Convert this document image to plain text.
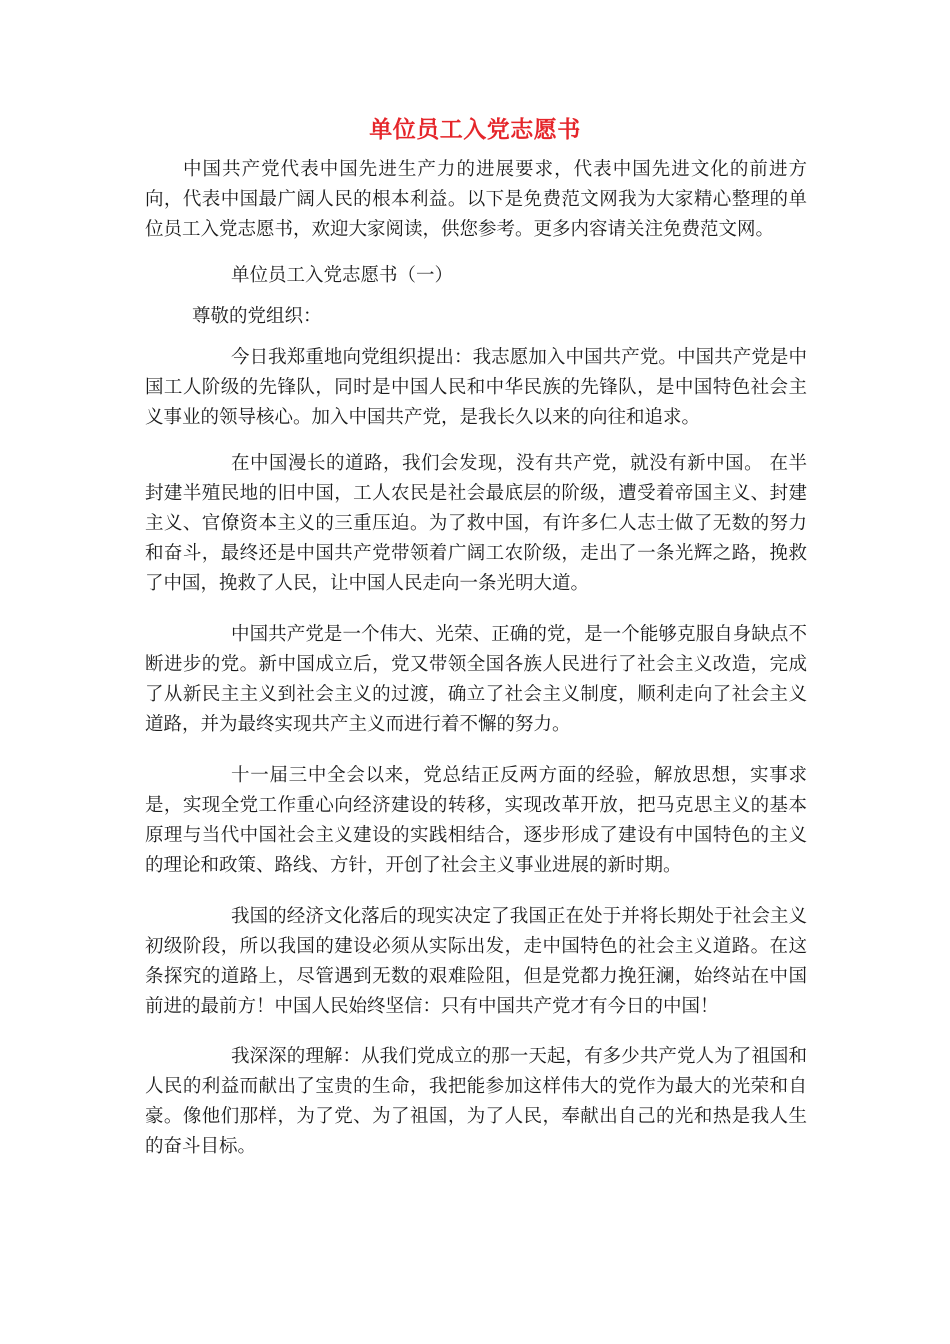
单位员工入党志愿书

中国共产党代表中国先进生产力的进展要求，代表中国先进文化的前进方向，代表中国最广阔人民的根本利益。以下是免费范文网我为大家精心整理的单位员工入党志愿书，欢迎大家阅读，供您参考。更多内容请关注免费范文网。

单位员工入党志愿书（一）

尊敬的党组织：

今日我郑重地向党组织提出：我志愿加入中国共产党。中国共产党是中国工人阶级的先锋队，同时是中国人民和中华民族的先锋队，是中国特色社会主义事业的领导核心。加入中国共产党，是我长久以来的向往和追求。

在中国漫长的道路，我们会发现，没有共产党，就没有新中国。 在半封建半殖民地的旧中国，工人农民是社会最底层的阶级，遭受着帝国主义、封建主义、官僚资本主义的三重压迫。为了救中国，有许多仁人志士做了无数的努力和奋斗，最终还是中国共产党带领着广阔工农阶级，走出了一条光辉之路，挽救了中国，挽救了人民，让中国人民走向一条光明大道。

中国共产党是一个伟大、光荣、正确的党，是一个能够克服自身缺点不断进步的党。新中国成立后，党又带领全国各族人民进行了社会主义改造，完成了从新民主主义到社会主义的过渡，确立了社会主义制度，顺利走向了社会主义道路，并为最终实现共产主义而进行着不懈的努力。

十一届三中全会以来，党总结正反两方面的经验，解放思想，实事求是，实现全党工作重心向经济建设的转移，实现改革开放，把马克思主义的基本原理与当代中国社会主义建设的实践相结合，逐步形成了建设有中国特色的主义的理论和政策、路线、方针，开创了社会主义事业进展的新时期。

我国的经济文化落后的现实决定了我国正在处于并将长期处于社会主义初级阶段，所以我国的建设必须从实际出发，走中国特色的社会主义道路。在这条探究的道路上，尽管遇到无数的艰难险阻，但是党都力挽狂澜，始终站在中国前进的最前方！中国人民始终坚信：只有中国共产党才有今日的中国！

我深深的理解：从我们党成立的那一天起，有多少共产党人为了祖国和人民的利益而献出了宝贵的生命，我把能参加这样伟大的党作为最大的光荣和自豪。像他们那样，为了党、为了祖国，为了人民，奉献出自己的光和热是我人生的奋斗目标。
